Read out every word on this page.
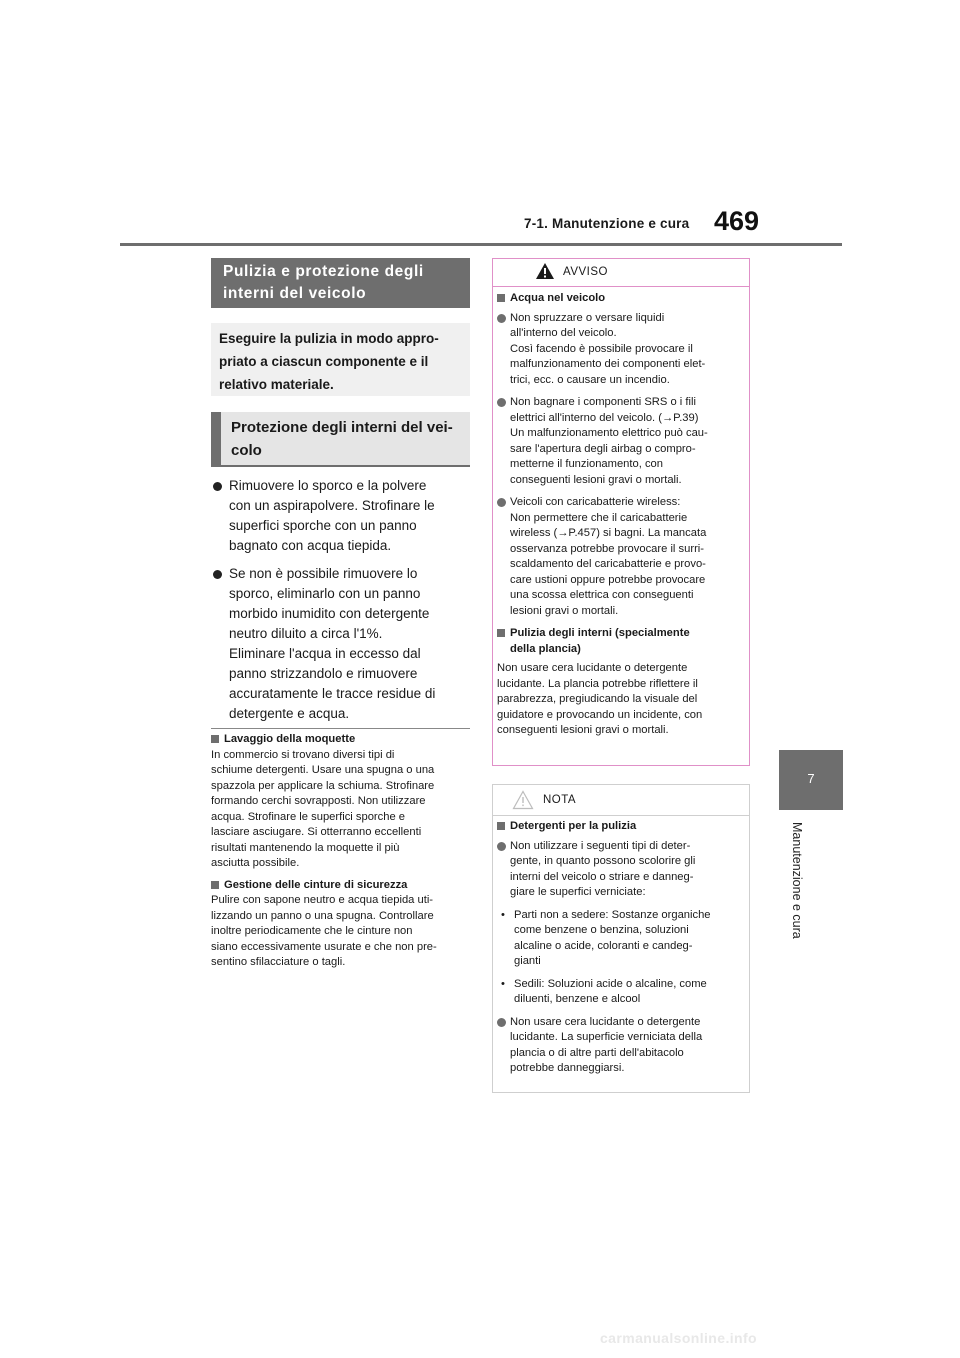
7-1. Manutenzione e cura 469
7
Manutenzione e cura
Pulizia e protezione degli
interni del veicolo
Eseguire la pulizia in modo appro-
priato a ciascun componente e il
relativo materiale.
Protezione degli interni del vei-
colo

Rimuovere lo sporco e la polvere

con un aspirapolvere. Strofinare le

superfici sporche con un panno

bagnato con acqua tiepida.

Se non è possibile rimuovere lo

sporco, eliminarlo con un panno

morbido inumidito con detergente

neutro diluito a circa l'1%.

Eliminare l'acqua in eccesso dal

panno strizzandolo e rimuovere

accuratamente le tracce residue di

detergente e acqua.

Lavaggio della moquette

In commercio si trovano diversi tipi di

schiume detergenti. Usare una spugna o una

spazzola per applicare la schiuma. Strofinare

formando cerchi sovrapposti. Non utilizzare

acqua. Strofinare le superfici sporche e

lasciare asciugare. Si otterranno eccellenti

risultati mantenendo la moquette il più

asciutta possibile.

Gestione delle cinture di sicurezza

Pulire con sapone neutro e acqua tiepida uti-

lizzando un panno o una spugna. Controllare

inoltre periodicamente che le cinture non

siano eccessivamente usurate e che non pre-

sentino sfilacciature o tagli.

AVVISO
Acqua nel veicolo

Non spruzzare o versare liquidi

all'interno del veicolo.

Così facendo è possibile provocare il

malfunzionamento dei componenti elet-

trici, ecc. o causare un incendio.

Non bagnare i componenti SRS o i fili

elettrici all'interno del veicolo. (→P.39)

Un malfunzionamento elettrico può cau-

sare l'apertura degli airbag o compro-

metterne il funzionamento, con

conseguenti lesioni gravi o mortali.

Veicoli con caricabatterie wireless:

Non permettere che il caricabatterie

wireless (→P.457) si bagni. La mancata

osservanza potrebbe provocare il surri-

scaldamento del caricabatterie e provo-

care ustioni oppure potrebbe provocare

una scossa elettrica con conseguenti

lesioni gravi o mortali.

Pulizia degli interni (specialmente
della plancia)
Non usare cera lucidante o detergente
lucidante. La plancia potrebbe riflettere il
parabrezza, pregiudicando la visuale del
guidatore e provocando un incidente, con
conseguenti lesioni gravi o mortali.
NOTA
Detergenti per la pulizia

Non utilizzare i seguenti tipi di deter-

gente, in quanto possono scolorire gli

interni del veicolo o striare e danneg-

giare le superfici verniciate:

• Parti non a sedere: Sostanze organiche

come benzene o benzina, soluzioni

alcaline o acide, coloranti e candeg-

gianti

• Sedili: Soluzioni acide o alcaline, come

diluenti, benzene e alcool

Non usare cera lucidante o detergente

lucidante. La superficie verniciata della

plancia o di altre parti dell'abitacolo

potrebbe danneggiarsi.

carmanualsonline.info
